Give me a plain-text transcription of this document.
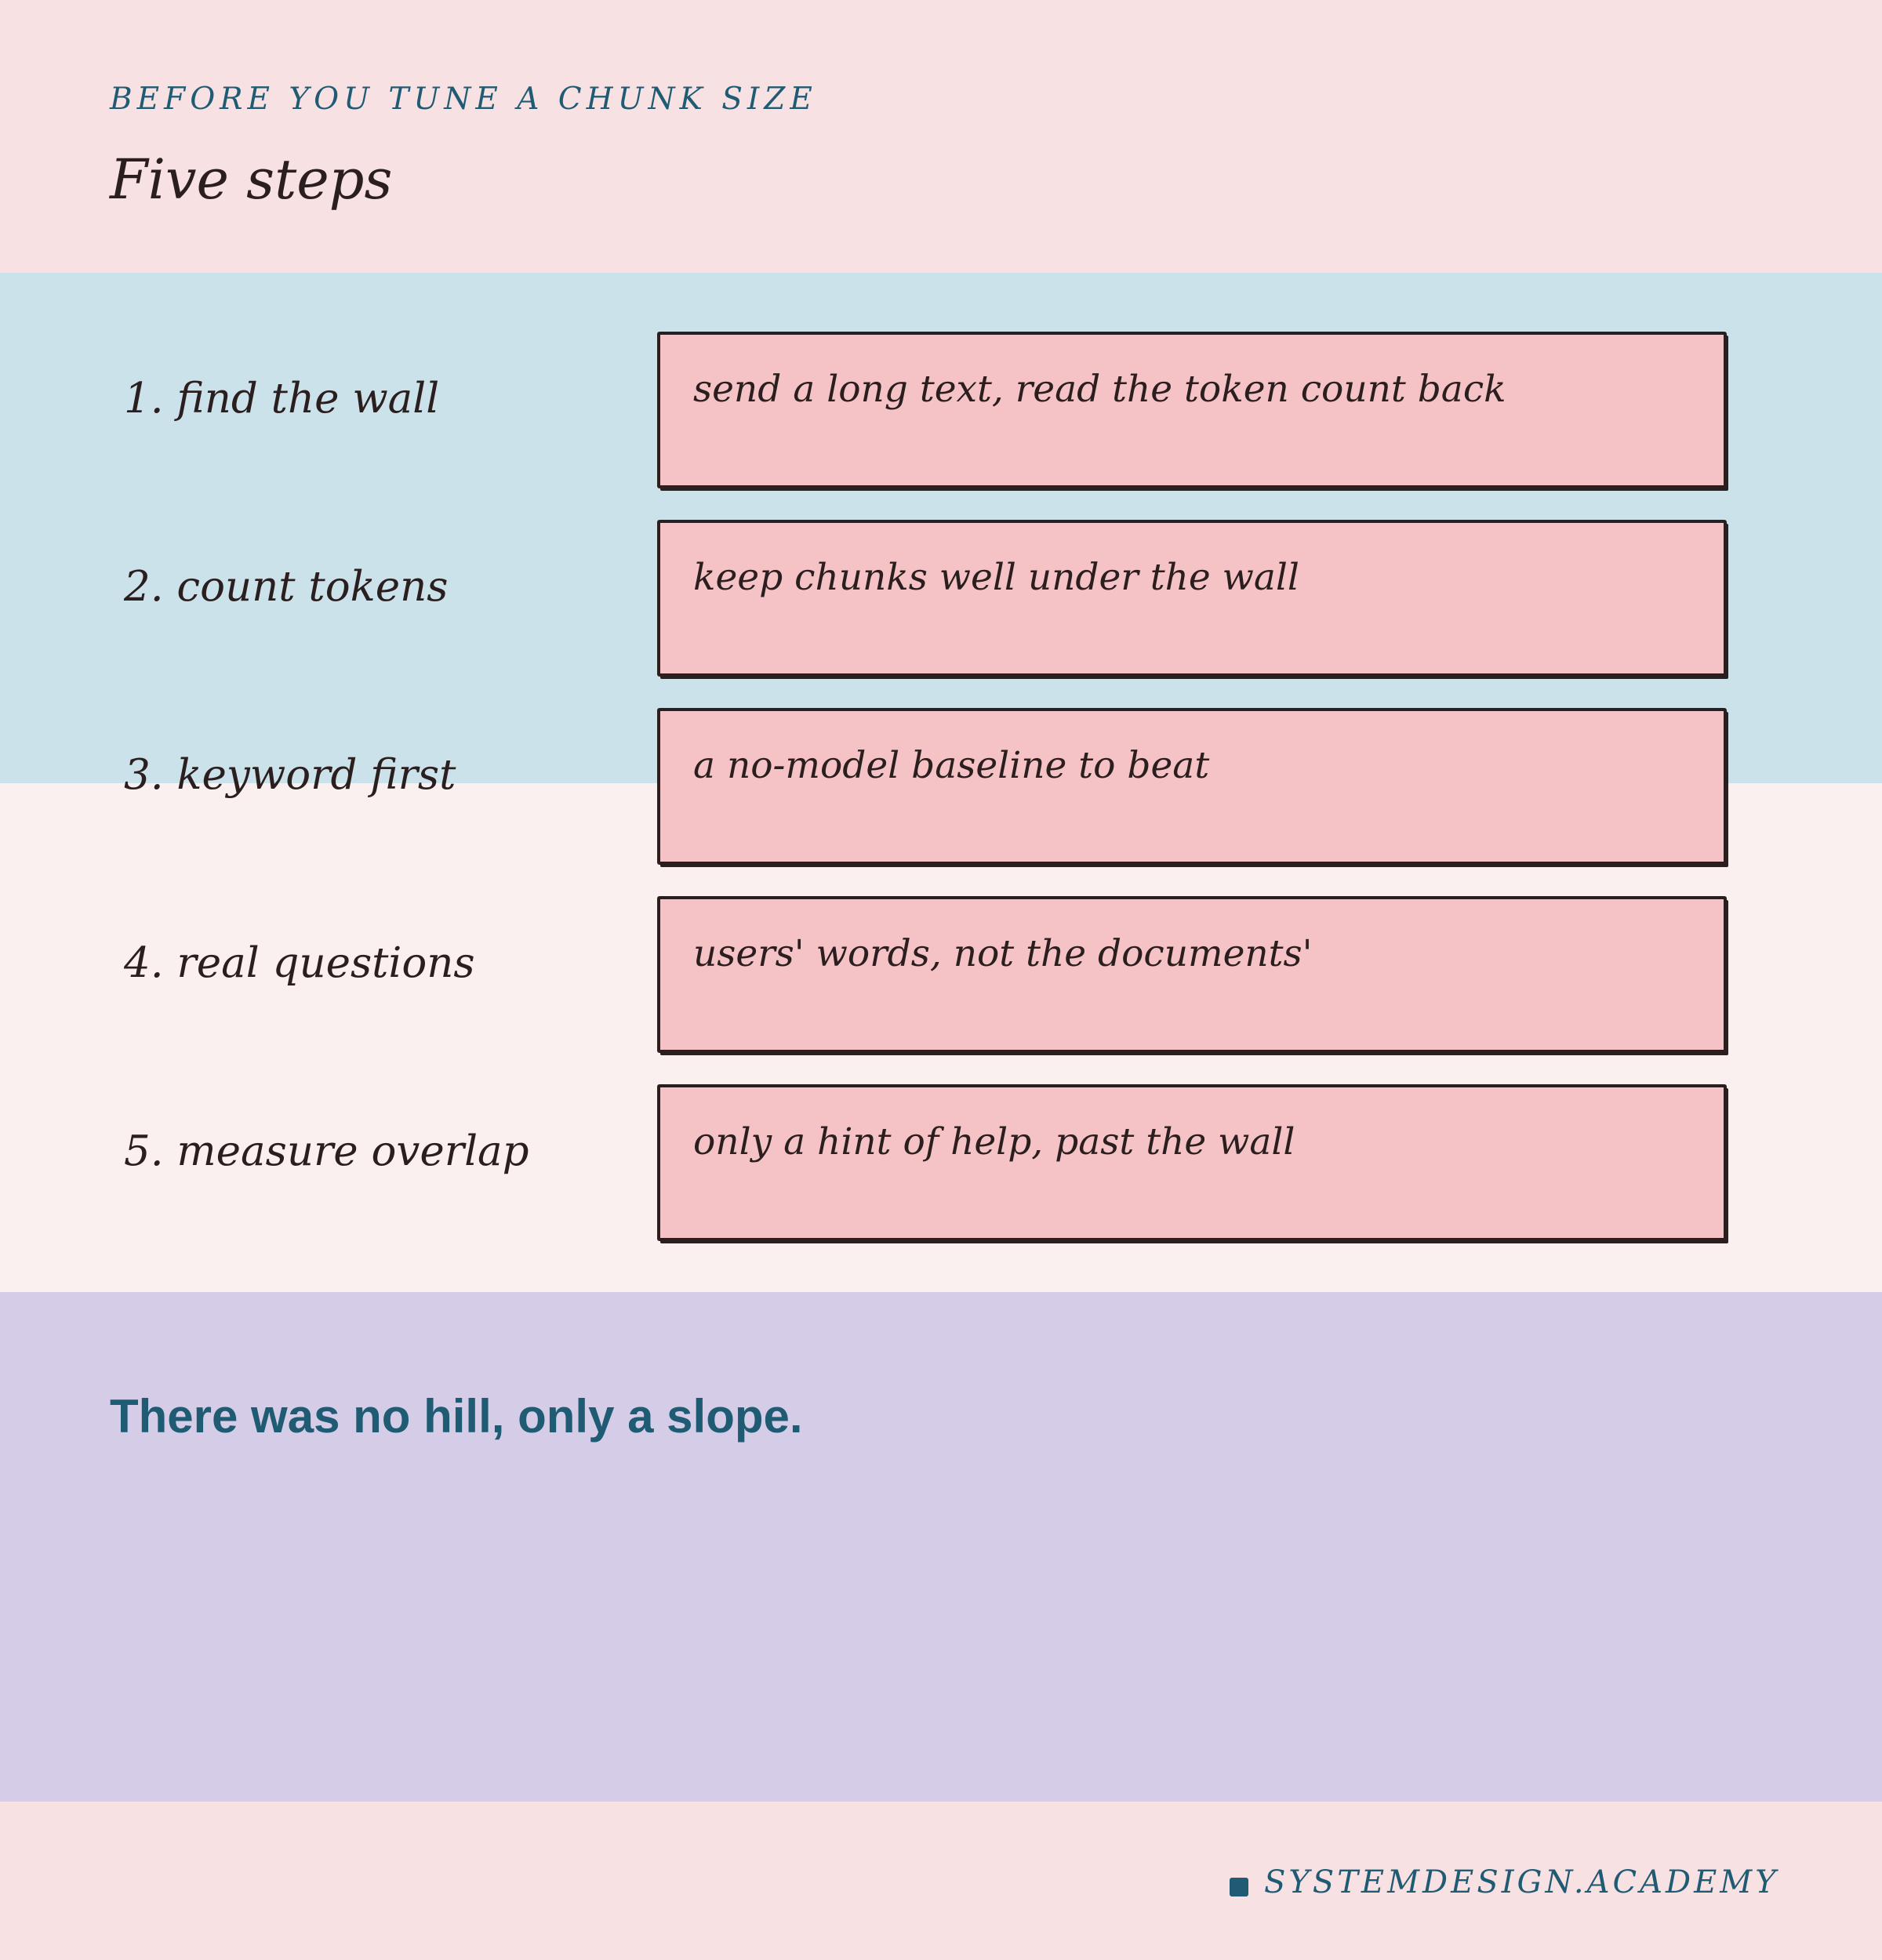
BEFORE YOU TUNE A CHUNK SIZE
Five steps
1. find the wall	send a long text, read the token count back
2. count tokens	keep chunks well under the wall
3. keyword first	a no-model baseline to beat
4. real questions	users' words, not the documents'
5. measure overlap	only a hint of help, past the wall
There was no hill, only a slope.
SYSTEMDESIGN.ACADEMY
